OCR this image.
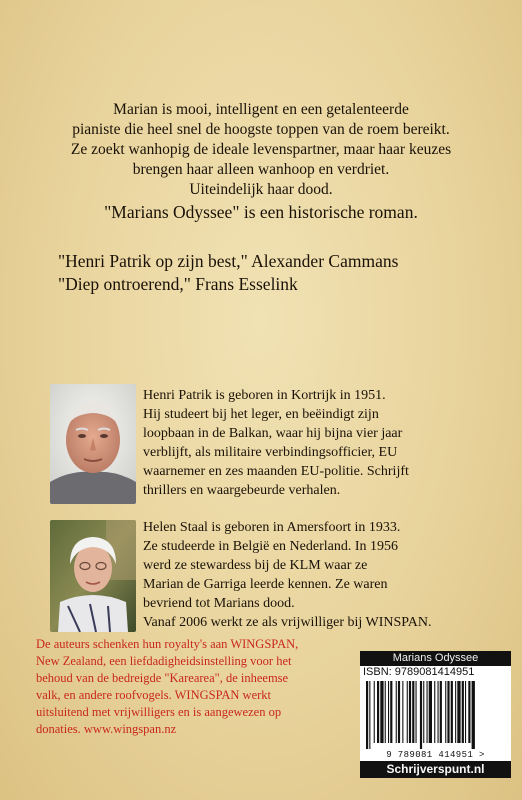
Marian is mooi, intelligent en een getalenteerde

pianiste die heel snel de hoogste toppen van de roem bereikt.

Ze zoekt wanhopig de ideale levenspartner, maar haar keuzes

brengen haar alleen wanhoop en verdriet.

Uiteindelijk haar dood.

"Marians Odyssee" is een historische roman.

"Henri Patrik op zijn best," Alexander Cammans

"Diep ontroerend," Frans Esselink

Henri Patrik is geboren in Kortrijk in 1951.

Hij studeert bij het leger, en beëindigt zijn

loopbaan in de Balkan, waar hij bijna vier jaar

verblijft, als militaire verbindingsofficier, EU

waarnemer en zes maanden EU-politie. Schrijft

thrillers en waargebeurde verhalen.

Helen Staal is geboren in Amersfoort in 1933.

Ze studeerde in België en Nederland. In 1956

werd ze stewardess bij de KLM waar ze

Marian de Garriga leerde kennen. Ze waren

bevriend tot Marians dood.

Vanaf 2006 werkt ze als vrijwilliger bij WINSPAN.

De auteurs schenken hun royalty's aan WINGSPAN,

New Zealand, een liefdadigheidsinstelling voor het

behoud van de bedreigde "Karearea", de inheemse

valk, en andere roofvogels. WINGSPAN werkt

uitsluitend met vrijwilligers en is aangewezen op

donaties. www.wingspan.nz

Marians Odyssee
ISBN: 9789081414951
9 789081 414951 >
Schrijverspunt.nl
